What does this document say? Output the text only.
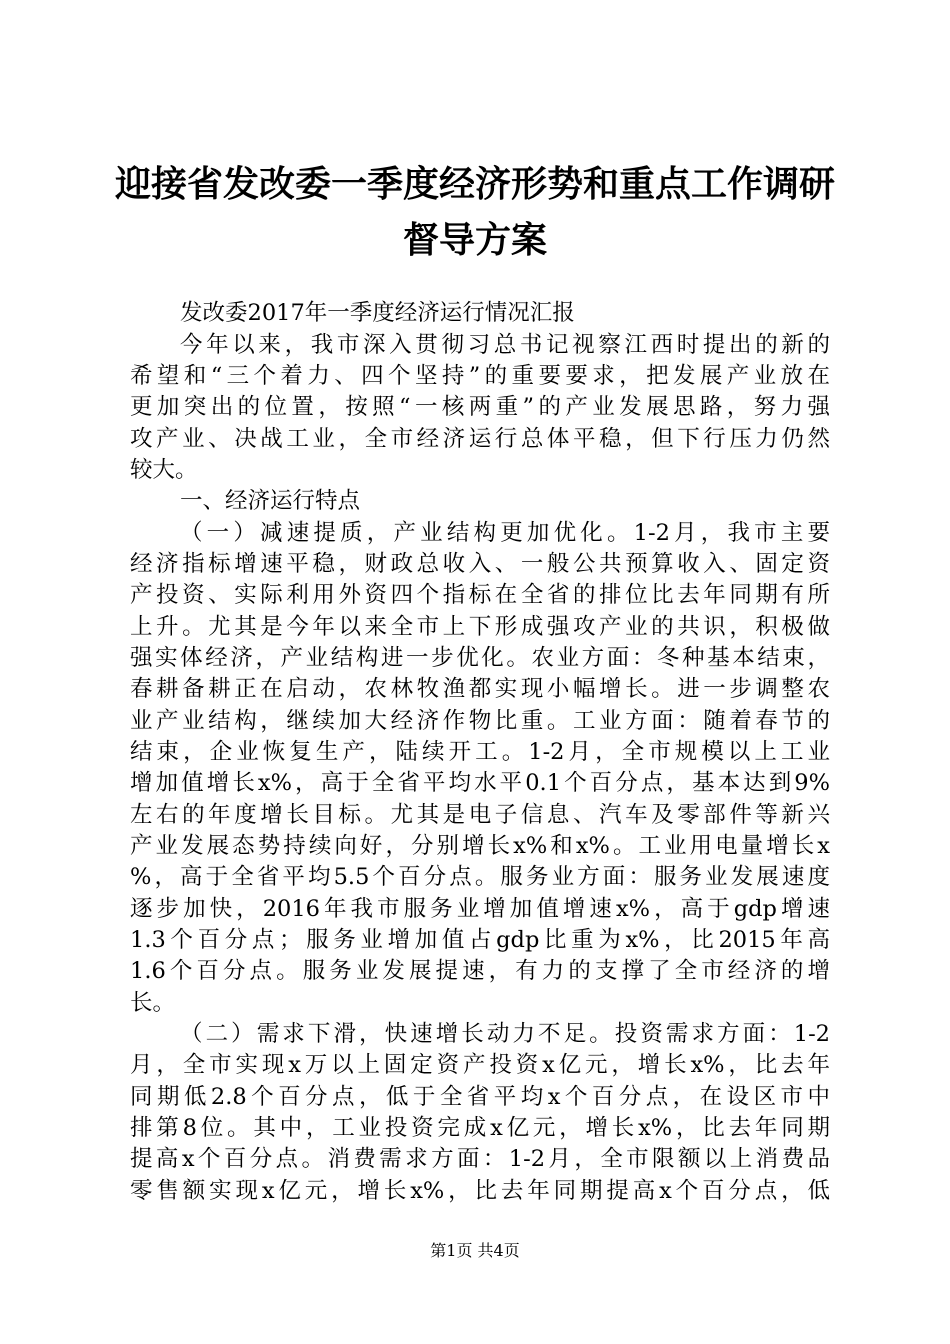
迎接省发改委一季度经济形势和重点工作调研
督导方案
发改委2017年一季度经济运行情况汇报
今年以来，我市深入贯彻习总书记视察江西时提出的新的
希望和“三个着力、四个坚持”的重要要求，把发展产业放在
更加突出的位置，按照“一核两重”的产业发展思路，努力强
攻产业、决战工业，全市经济运行总体平稳，但下行压力仍然
较大。
一、经济运行特点
（一）减速提质，产业结构更加优化。1-2月，我市主要
经济指标增速平稳，财政总收入、一般公共预算收入、固定资
产投资、实际利用外资四个指标在全省的排位比去年同期有所
上升。尤其是今年以来全市上下形成强攻产业的共识，积极做
强实体经济，产业结构进一步优化。农业方面：冬种基本结束，
春耕备耕正在启动，农林牧渔都实现小幅增长。进一步调整农
业产业结构，继续加大经济作物比重。工业方面：随着春节的
结束，企业恢复生产，陆续开工。1-2月，全市规模以上工业
增加值增长x%，高于全省平均水平0.1个百分点，基本达到9%
左右的年度增长目标。尤其是电子信息、汽车及零部件等新兴
产业发展态势持续向好，分别增长x%和x%。工业用电量增长x
%，高于全省平均5.5个百分点。服务业方面：服务业发展速度
逐步加快，2016年我市服务业增加值增速x%，高于gdp增速
1.3个百分点；服务业增加值占gdp比重为x%，比2015年高
1.6个百分点。服务业发展提速，有力的支撑了全市经济的增
长。
（二）需求下滑，快速增长动力不足。投资需求方面：1-2
月，全市实现x万以上固定资产投资x亿元，增长x%，比去年
同期低2.8个百分点，低于全省平均x个百分点，在设区市中
排第8位。其中，工业投资完成x亿元，增长x%，比去年同期
提高x个百分点。消费需求方面：1-2月，全市限额以上消费品
零售额实现x亿元，增长x%，比去年同期提高x个百分点，低
第1页 共4页
